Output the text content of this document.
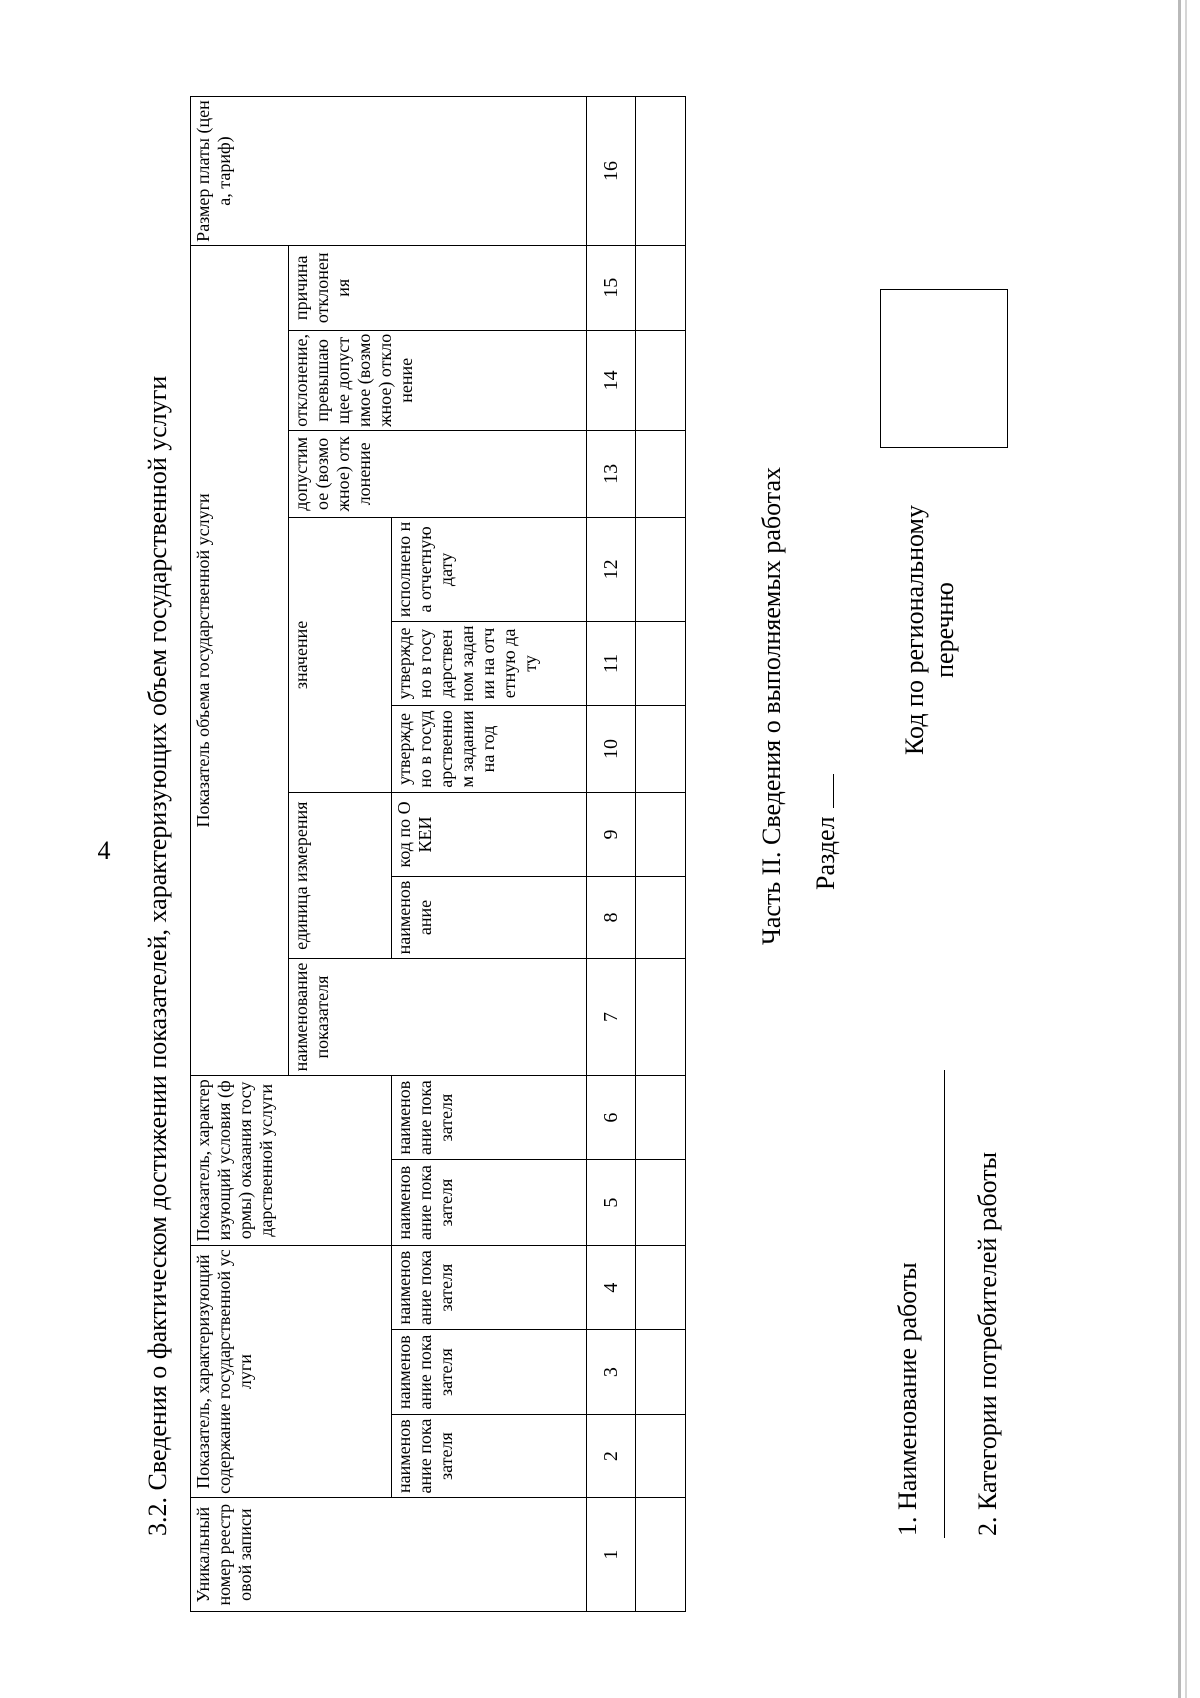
4	3.2. Сведения о фактическом достижении показателей, характеризующих объем государственной услуги
Уникальный номер реестровой записи	Показатель, характеризующий содержание государственной услуги			Показатель, характеризующий условия (формы) оказания государственной услуги		Показатель объема государственной услуги									Размер платы (цена, тариф)
						наименование показателя	единица измерения		значение			допустимое (возможное) отклонение	отклонение, превышающее допустимое (возможное) отклонение	причина отклонения	
	наименование показателя	наименование показателя	наименование показателя	наименование показателя	наименование показателя		наименование	код по ОКЕИ	утверждено в государственном задании на год	утверждено в государственном задании на отчетную дату	исполнено на отчетную дату				
1	2	3	4	5	6	7	8	9	10	11	12	13	14	15	16

Часть II. Сведения о выполняемых работах Раздел
1. Наименование работы 2. Категории потребителей работы
Код по региональному перечню
